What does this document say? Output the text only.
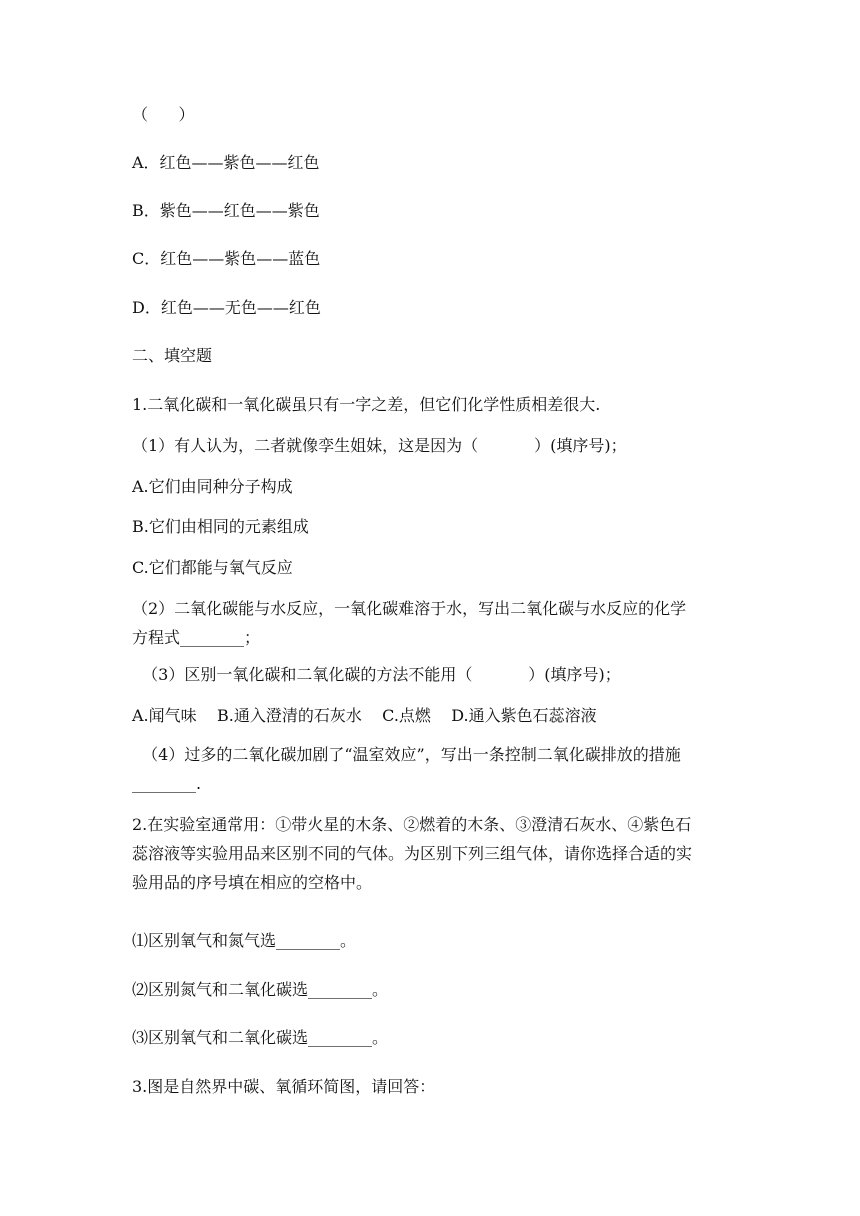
（      ）
A．红色——紫色——红色
B．紫色——红色——紫色
C．红色——紫色——蓝色
D．红色——无色——红色
二、填空题
1.二氧化碳和一氧化碳虽只有一字之差，但它们化学性质相差很大.
（1）有人认为，二者就像孪生姐妹，这是因为（           ）(填序号)；
A.它们由同种分子构成
B.它们由相同的元素组成
C.它们都能与氧气反应
（2）二氧化碳能与水反应，一氧化碳难溶于水，写出二氧化碳与水反应的化学
方程式________；
（3）区别一氧化碳和二氧化碳的方法不能用（           ）(填序号)；
A.闻气味    B.通入澄清的石灰水    C.点燃    D.通入紫色石蕊溶液
（4）过多的二氧化碳加剧了“温室效应”，写出一条控制二氧化碳排放的措施
________.
2.在实验室通常用：①带火星的木条、②燃着的木条、③澄清石灰水、④紫色石
蕊溶液等实验用品来区别不同的气体。为区别下列三组气体，请你选择合适的实
验用品的序号填在相应的空格中。
⑴区别氧气和氮气选________。
⑵区别氮气和二氧化碳选________。
⑶区别氧气和二氧化碳选________。
3.图是自然界中碳、氧循环简图，请回答：
